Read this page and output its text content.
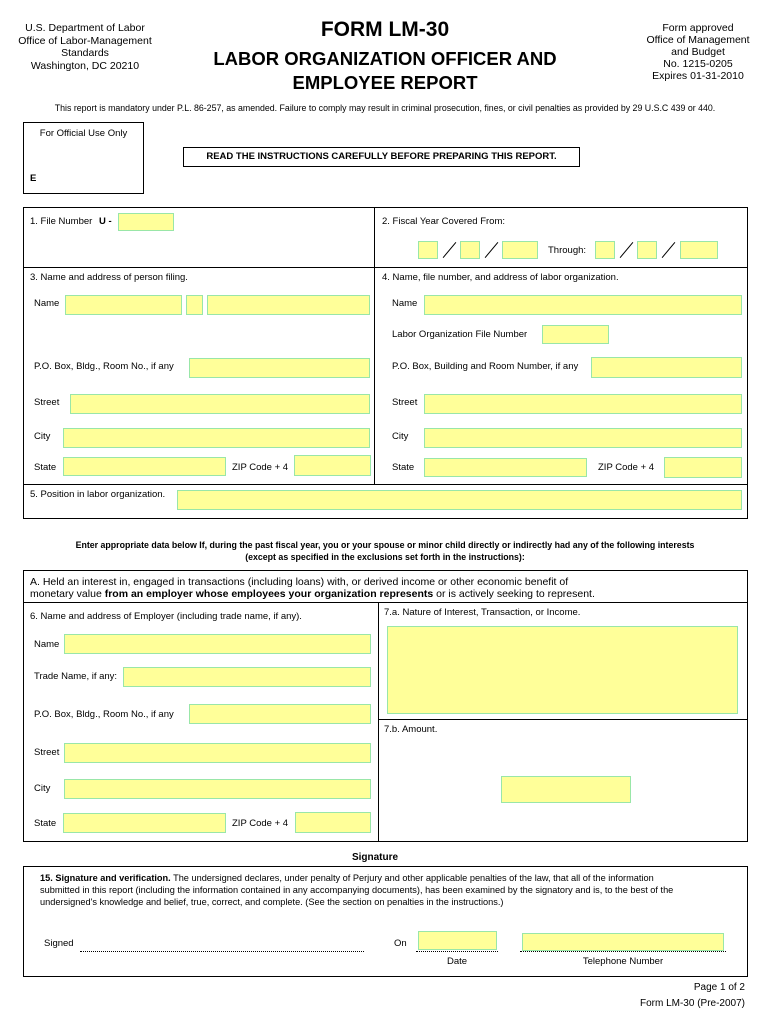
U.S. Department of Labor
Office of Labor-Management
Standards
Washington, DC 20210
FORM LM-30
LABOR ORGANIZATION OFFICER AND
EMPLOYEE REPORT
Form approved
Office of Management
and Budget
No. 1215-0205
Expires 01-31-2010
This report is mandatory under P.L. 86-257, as amended. Failure to comply may result in criminal prosecution, fines, or civil penalties as provided by 29 U.S.C 439 or 440.
For Official Use Only
E
READ THE INSTRUCTIONS CAREFULLY BEFORE PREPARING THIS REPORT.
1. File Number U -	2. Fiscal Year Covered From:
Through:
3. Name and address of person filing.
Name
P.O. Box, Bldg., Room No., if any
Street
City
State	ZIP Code + 4
4. Name, file number, and address of labor organization.
Name
Labor Organization File Number
P.O. Box, Building and Room Number, if any
Street
City
State	ZIP Code + 4
5. Position in labor organization.
Enter appropriate data below If, during the past fiscal year, you or your spouse or minor child directly or indirectly had any of the following interests
(except as specified in the exclusions set forth in the instructions):
A. Held an interest in, engaged in transactions (including loans) with, or derived income or other economic benefit of
monetary value from an employer whose employees your organization represents or is actively seeking to represent.
6. Name and address of Employer (including trade name, if any).
Name
Trade Name, if any:
P.O. Box, Bldg., Room No., if any
Street
City
State	ZIP Code + 4
7.a. Nature of Interest, Transaction, or Income.
7.b. Amount.
Signature
15. Signature and verification. The undersigned declares, under penalty of Perjury and other applicable penalties of the law, that all of the information
submitted in this report (including the information contained in any accompanying documents), has been examined by the signatory and is, to the best of the
undersigned's knowledge and belief, true, correct, and complete. (See the section on penalties in the instructions.)
Signed	On
Date	Telephone Number
Page 1 of 2
Form LM-30 (Pre-2007)
